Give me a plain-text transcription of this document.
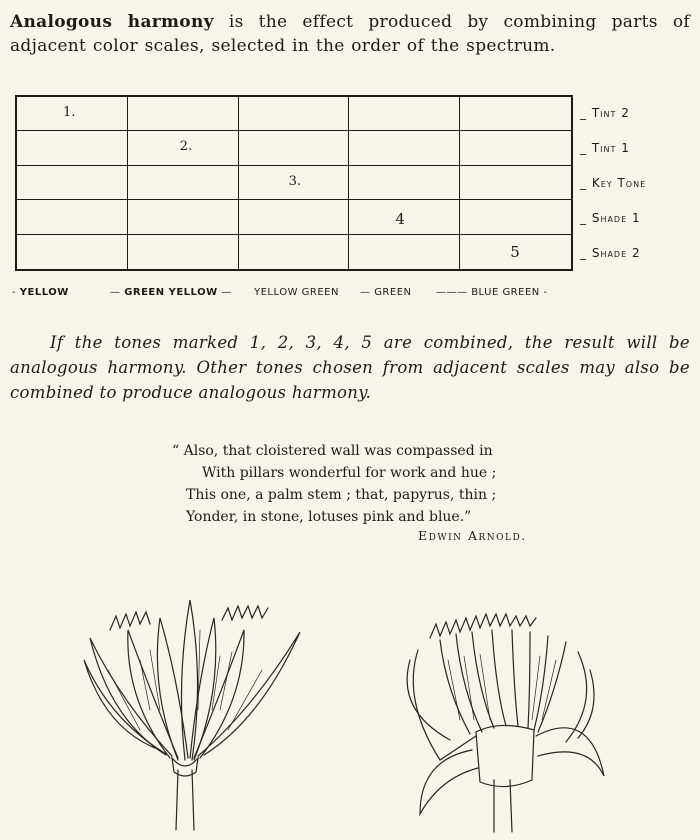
Analogous harmony is the effect produced by combining parts of adjacent color scales, selected in the order of the spectrum.

1.
2.
3.
4
5
_ Tint 2
_ Tint 1
_ Key Tone
_ Shade 1
_ Shade 2
- YELLOW	— GREEN YELLOW — YELLOW GREEN — GREEN ——— BLUE GREEN -

If the tones marked 1, 2, 3, 4, 5 are combined, the result will be analogous harmony. Other tones chosen from adjacent scales may also be combined to produce analogous harmony.

“ Also, that cloistered wall was compassed in
With pillars wonderful for work and hue ;
This one, a palm stem ; that, papyrus, thin ;
Yonder, in stone, lotuses pink and blue.”
Edwin Arnold.
